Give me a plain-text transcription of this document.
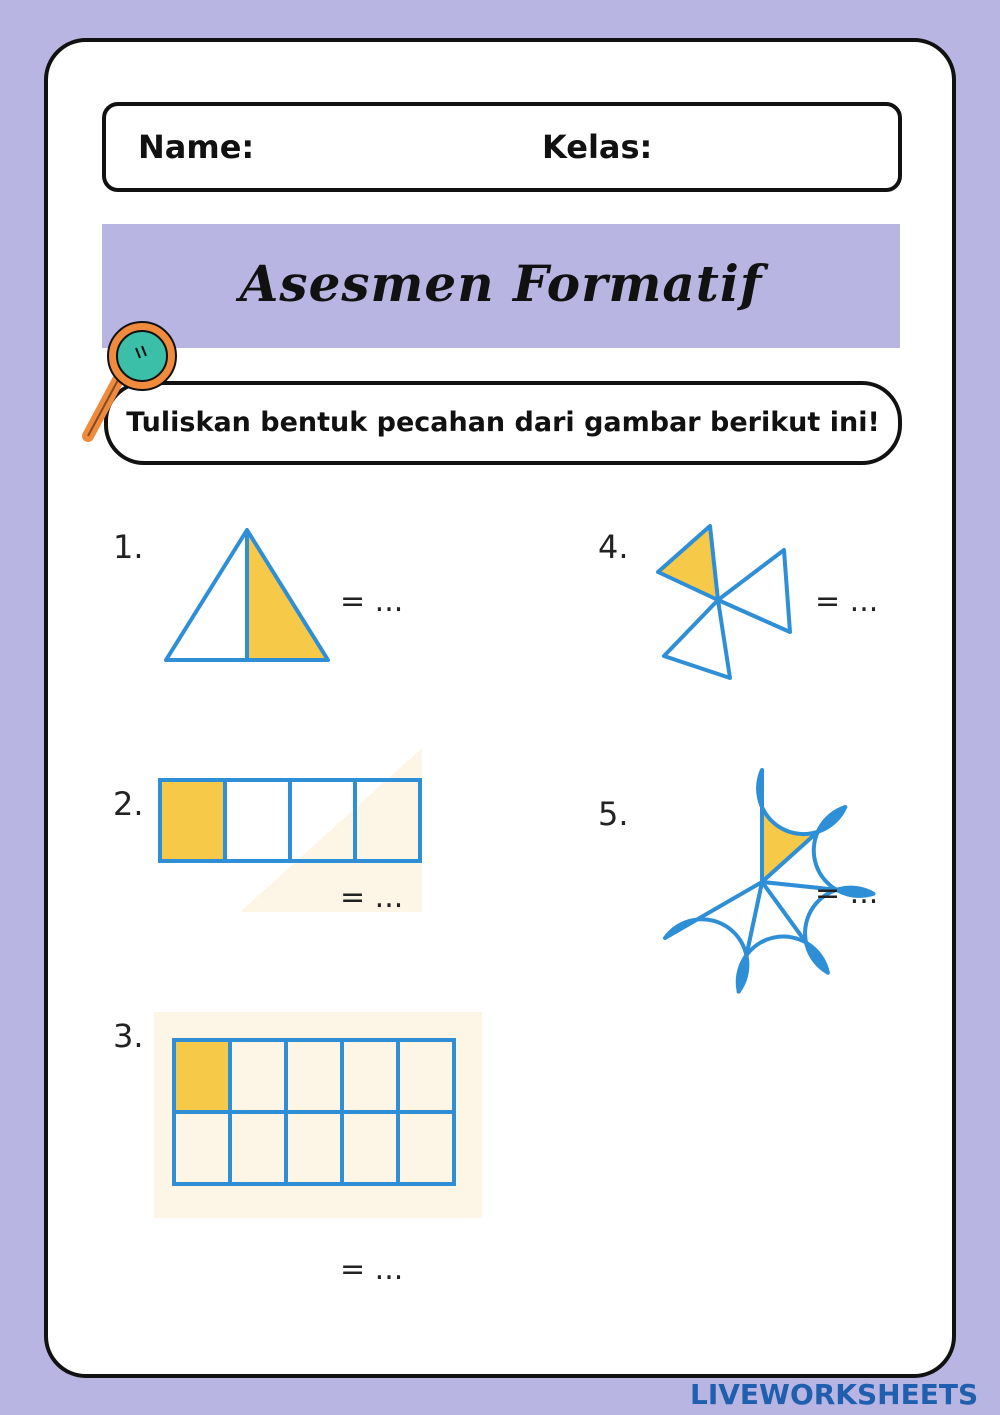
Name:	Kelas:
Asesmen Formatif
Tuliskan bentuk pecahan dari gambar berikut ini!
1.
= ...
2.
= ...
3.
= ...
4.
= ...
5.
= ...
LIVEWORKSHEETS
